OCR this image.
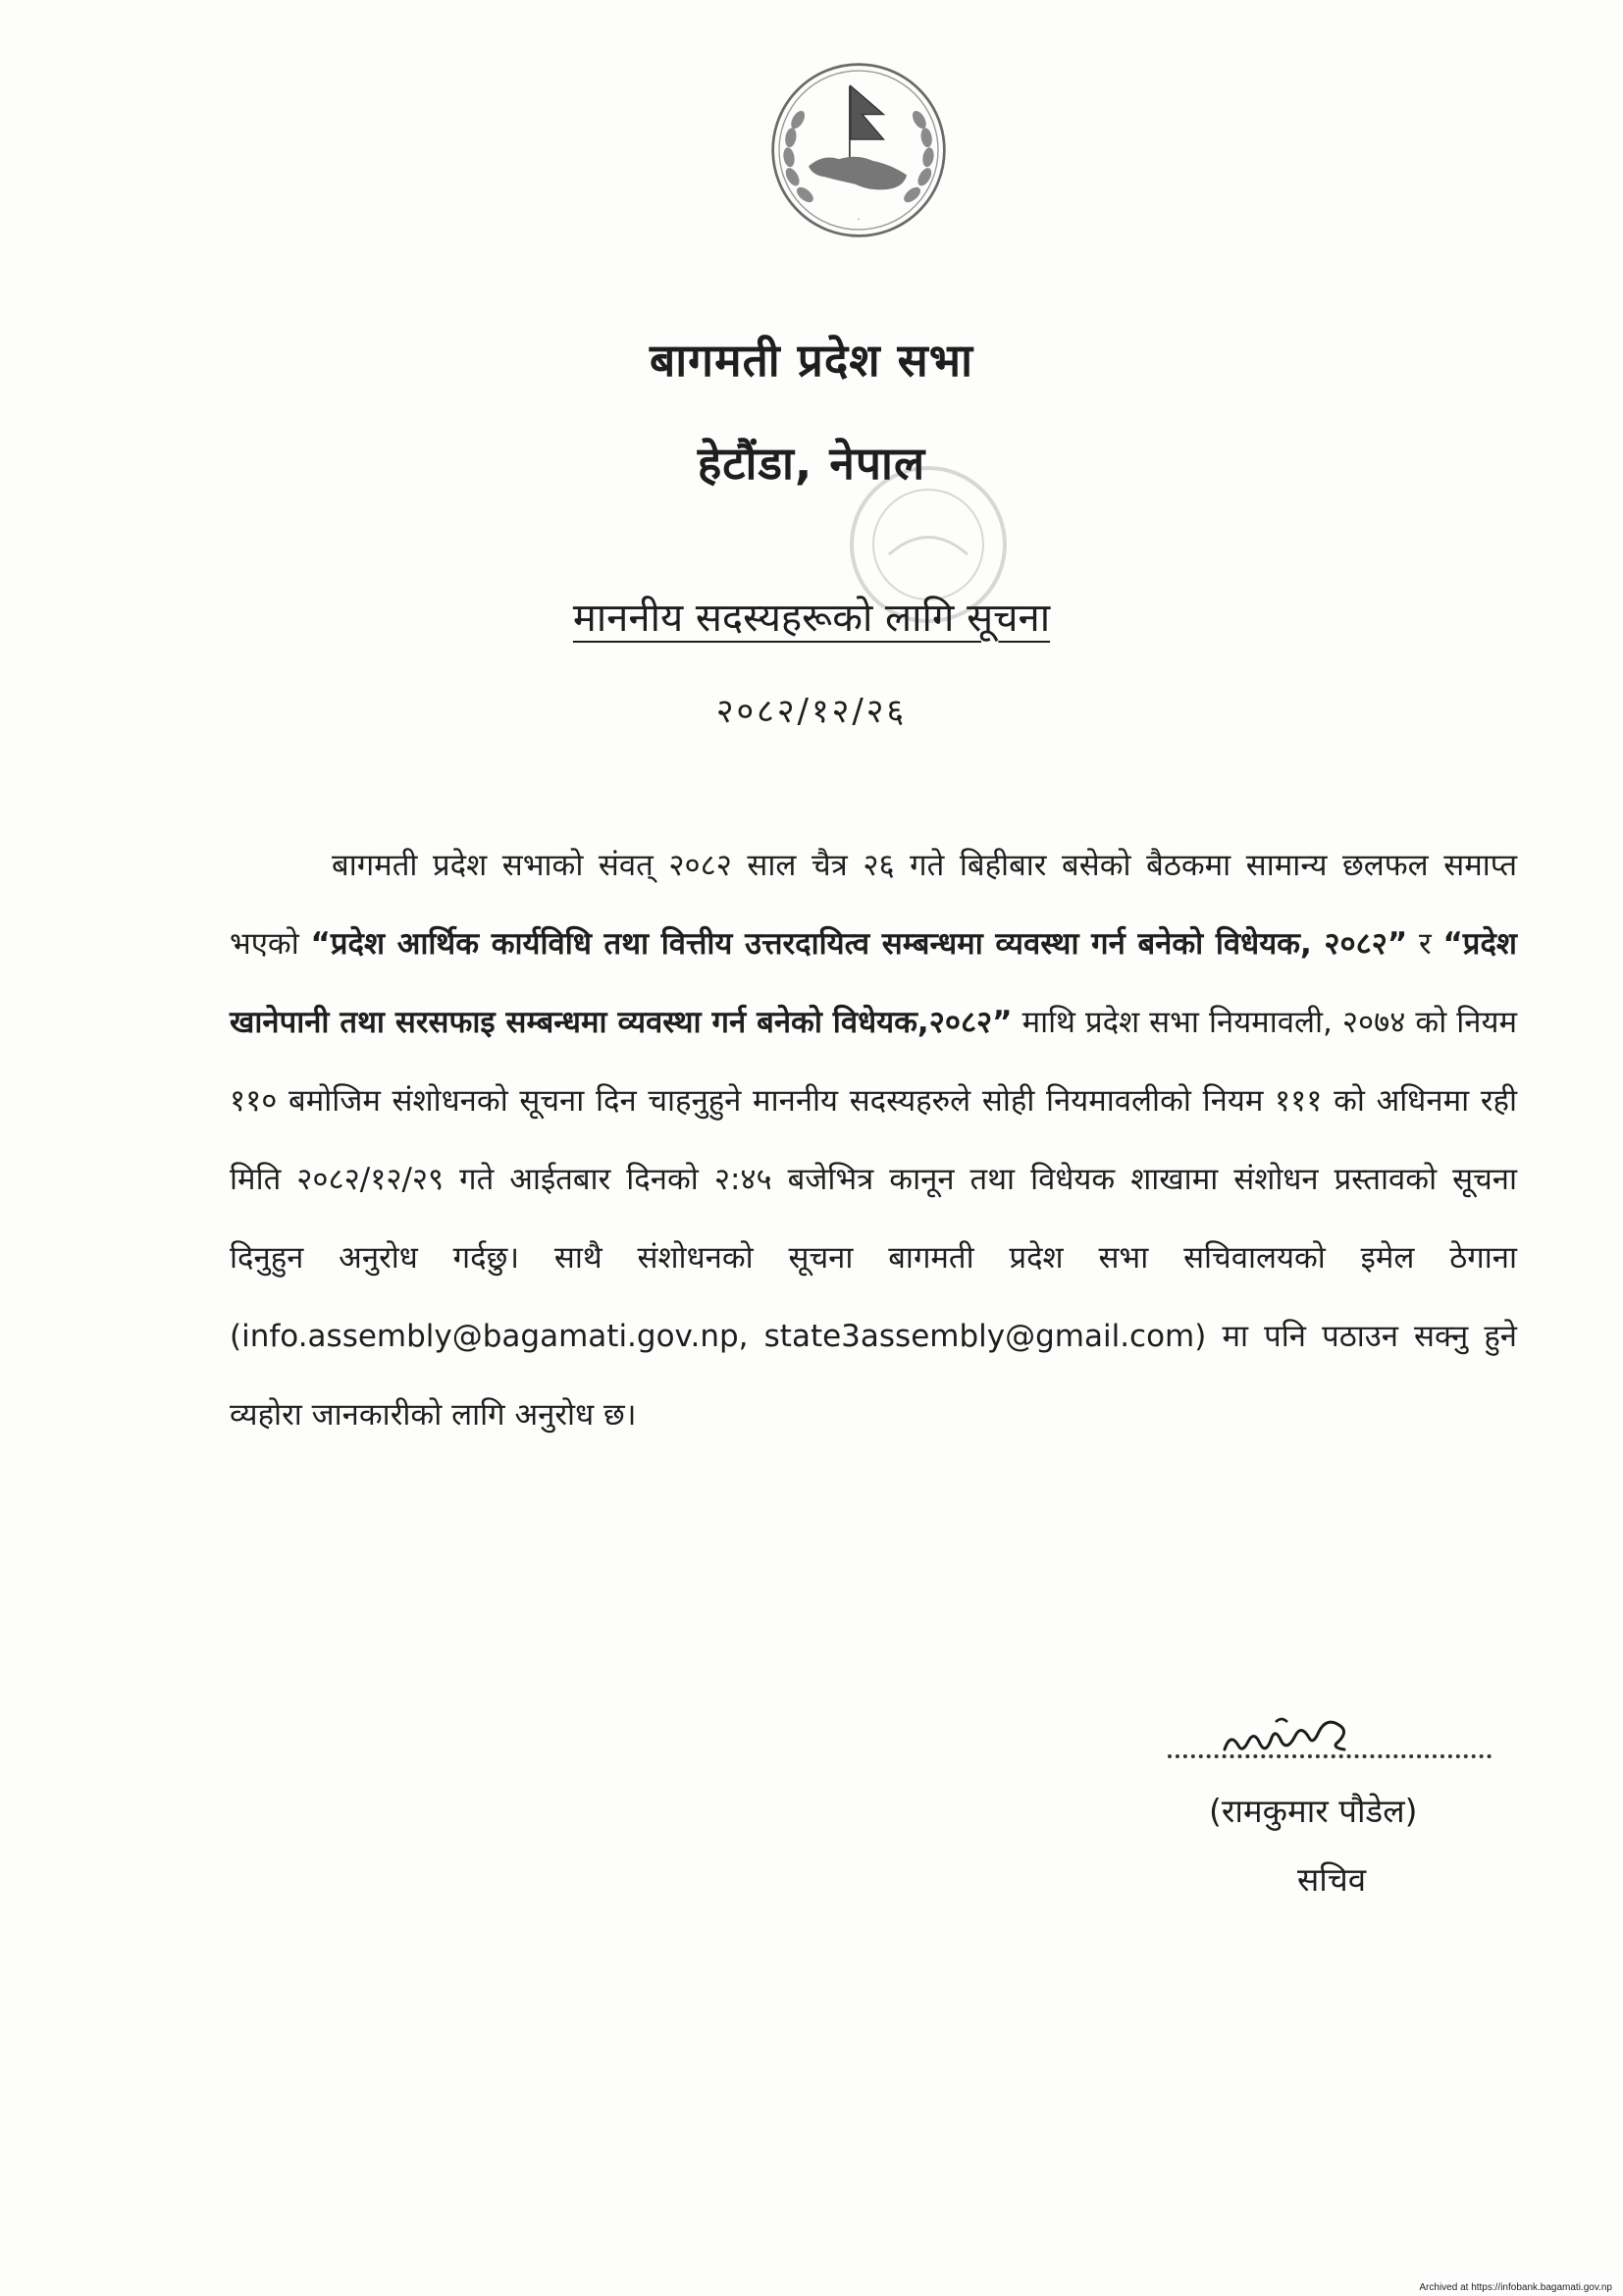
.
बागमती प्रदेश सभा
हेटौंडा, नेपाल
माननीय सदस्यहरूको लागि सूचना
२०८२/१२/२६
बागमती प्रदेश सभाको संवत् २०८२ साल चैत्र २६ गते बिहीबार बसेको बैठकमा सामान्य छलफल समाप्त भएको “प्रदेश आर्थिक कार्यविधि तथा वित्तीय उत्तरदायित्व सम्बन्धमा व्यवस्था गर्न बनेको विधेयक, २०८२” र “प्रदेश खानेपानी तथा सरसफाइ सम्बन्धमा व्यवस्था गर्न बनेको विधेयक,२०८२” माथि प्रदेश सभा नियमावली, २०७४ को नियम ११० बमोजिम संशोधनको सूचना दिन चाहनुहुने माननीय सदस्यहरुले सोही नियमावलीको नियम १११ को अधिनमा रही मिति २०८२/१२/२९ गते आईतबार दिनको २:४५ बजेभित्र कानून तथा विधेयक शाखामा संशोधन प्रस्तावको सूचना दिनुहुन अनुरोध गर्दछु। साथै संशोधनको सूचना बागमती प्रदेश सभा सचिवालयको इमेल ठेगाना (info.assembly@bagamati.gov.np, state3assembly@gmail.com) मा पनि पठाउन सक्नु हुने व्यहोरा जानकारीको लागि अनुरोध छ।
(रामकुमार पौडेल)
सचिव
Archived at https://infobank.bagamati.gov.np
